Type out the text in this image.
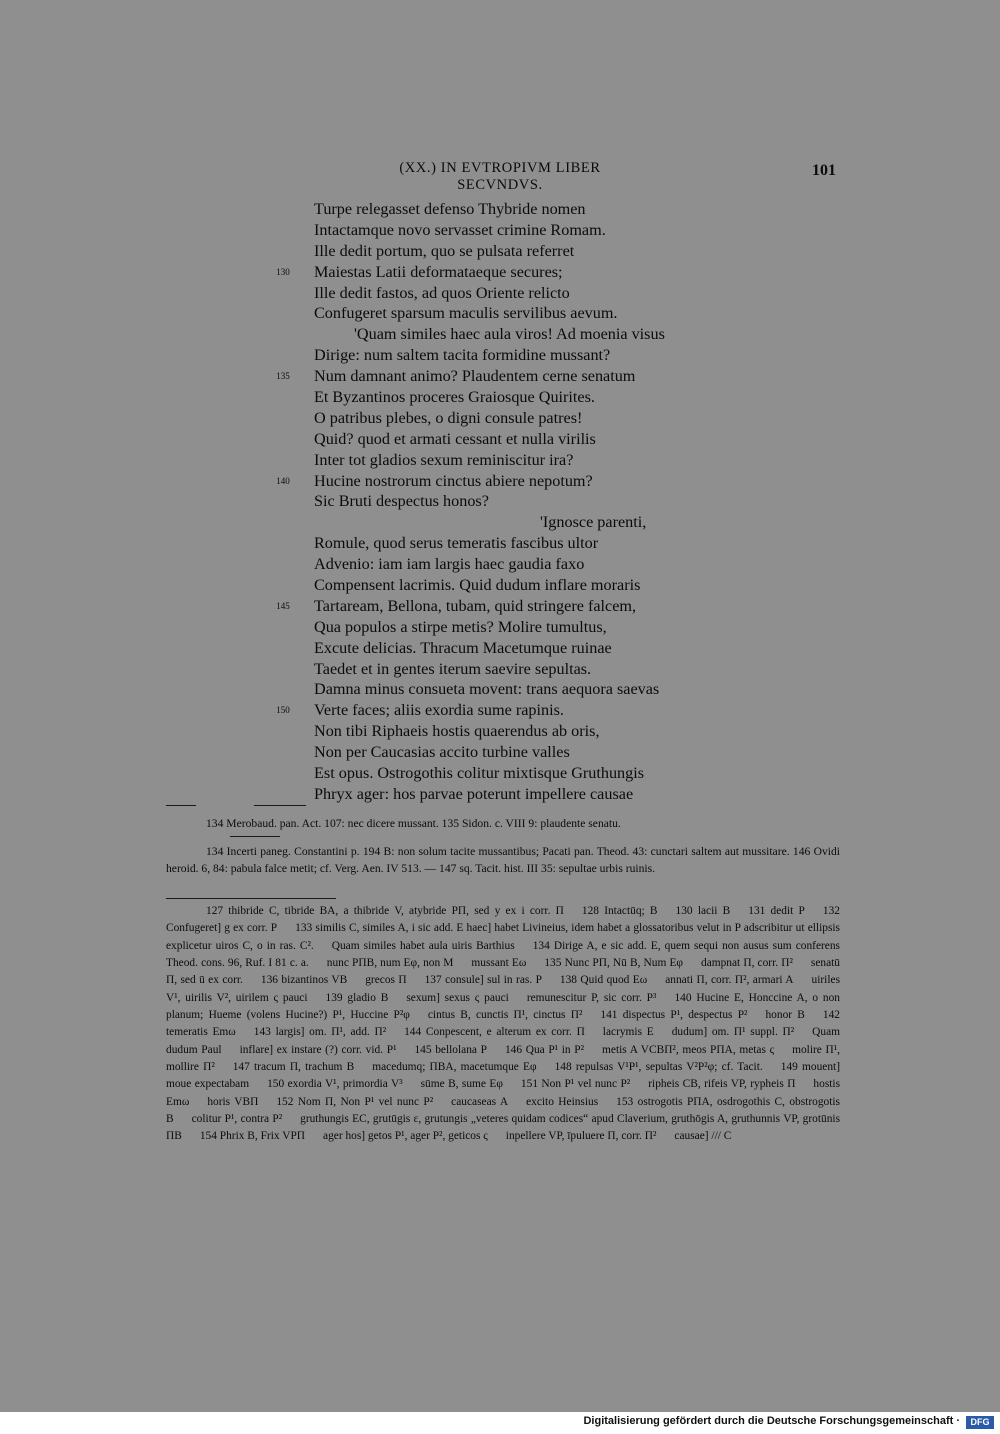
(XX.) IN EVTROPIVM LIBER SECVNDVS.
101
Turpe relegasset defenso Thybride nomen
Intactamque novo servasset crimine Romam.
Ille dedit portum, quo se pulsata referret
130 Maiestas Latii deformataeque secures;
Ille dedit fastos, ad quos Oriente relicto
Confugeret sparsum maculis servilibus aevum.
'Quam similes haec aula viros! Ad moenia visus
Dirige: num saltem tacita formidine mussant?
135 Num damnant animo? Plaudentem cerne senatum
Et Byzantinos proceres Graiosque Quirites.
O patribus plebes, o digni consule patres!
Quid? quod et armati cessant et nulla virilis
Inter tot gladios sexum reminiscitur ira?
140 Hucine nostrorum cinctus abiere nepotum?
Sic Bruti despectus honos?
'Ignosce parenti,
Romule, quod serus temeratis fascibus ultor
Advenio: iam iam largis haec gaudia faxo
Compensent lacrimis. Quid dudum inflare moraris
145 Tartaream, Bellona, tubam, quid stringere falcem,
Qua populos a stirpe metis? Molire tumultus,
Excute delicias. Thracum Macetumque ruinae
Taedet et in gentes iterum saevire sepultas.
Damna minus consueta movent: trans aequora saevas
150 Verte faces; aliis exordia sume rapinis.
Non tibi Riphaeis hostis quaerendus ab oris,
Non per Caucasias accito turbine valles
Est opus. Ostrogothis colitur mixtisque Gruthungis
Phryx ager: hos parvae poterunt impellere causae

134 Merobaud. pan. Act. 107: nec dicere mussant. 135 Sidon. c. VIII 9: plaudente senatu.

134 Incerti paneg. Constantini p. 194 B: non solum tacite mussantibus; Pacati pan. Theod. 43: cunctari saltem aut mussitare. 146 Ovidi heroid. 6, 84: pabula falce metit; cf. Verg. Aen. IV 513. — 147 sq. Tacit. hist. III 35: sepultae urbis ruinis.

127 thibride C, tibride BA, a thibride V, atybride PΠ, sed y ex i corr. Π 128 Intactūq; B 130 lacii B 131 dedit P 132 Confugeret] g ex corr. P 133 similis C, similes A, i sic add. E haec] habet Livineius, idem habet a glossatoribus velut in P adscribitur ut ellipsis explicetur uiros C, o in ras. C². Quam similes habet aula uiris Barthius 134 Dirige A, e sic add. E, quem sequi non ausus sum conferens Theod. cons. 96, Ruf. I 81 c. a. nunc PΠB, num Eφ, non M mussant Eω 135 Nunc PΠ, Nū B, Num Eφ dampnat Π, corr. Π² senatū Π, sed ū ex corr. 136 bizantinos VB grecos Π 137 consule] sul in ras. P 138 Quid quod Eω annati Π, corr. Π², armari A uiriles V¹, uirilis V², uirilem ς pauci 139 gladio B sexum] sexus ς pauci remunescitur P, sic corr. P³ 140 Hucine E, Honccine A, o non planum; Hueme (volens Hucine?) P¹, Huccine P²φ cintus B, cunctis Π¹, cinctus Π² 141 dispectus P¹, despectus P² honor B 142 temeratis Emω 143 largis] om. Π¹, add. Π² 144 Conpescent, e alterum ex corr. Π lacrymis E dudum] om. Π¹ suppl. Π² Quam dudum Paul inflare] ex instare (?) corr. vid. P¹ 145 bellolana P 146 Qua P¹ in P² metis A VCBΠ², meos PΠA, metas ς molire Π¹, mollire Π² 147 tracum Π, trachum B macedumq; ΠBA, macetumque Eφ 148 repulsas V¹P¹, sepultas V²P²φ; cf. Tacit. 149 mouent] moue expectabam 150 exordia V¹, primordia V³ sūme B, sume Eφ 151 Non P¹ vel nunc P² ripheis CB, rifeis VP, rypheis Π hostis Emω horis VBΠ 152 Nom Π, Non P¹ vel nunc P² caucaseas A excito Heinsius 153 ostrogotis PΠA, osdrogothis C, obstrogotis B colitur P¹, contra P² gruthungis EC, grutūgis ε, grutungis „veteres quidam codices“ apud Claverium, gruthōgis A, gruthunnis VP, grotūnis ΠB 154 Phrix B, Frix VPΠ ager hos] getos P¹, ager P², geticos ς inpellere VP, īpuluere Π, corr. Π² causae] /// C
Digitalisierung gefördert durch die Deutsche Forschungsgemeinschaft ·	DFG
